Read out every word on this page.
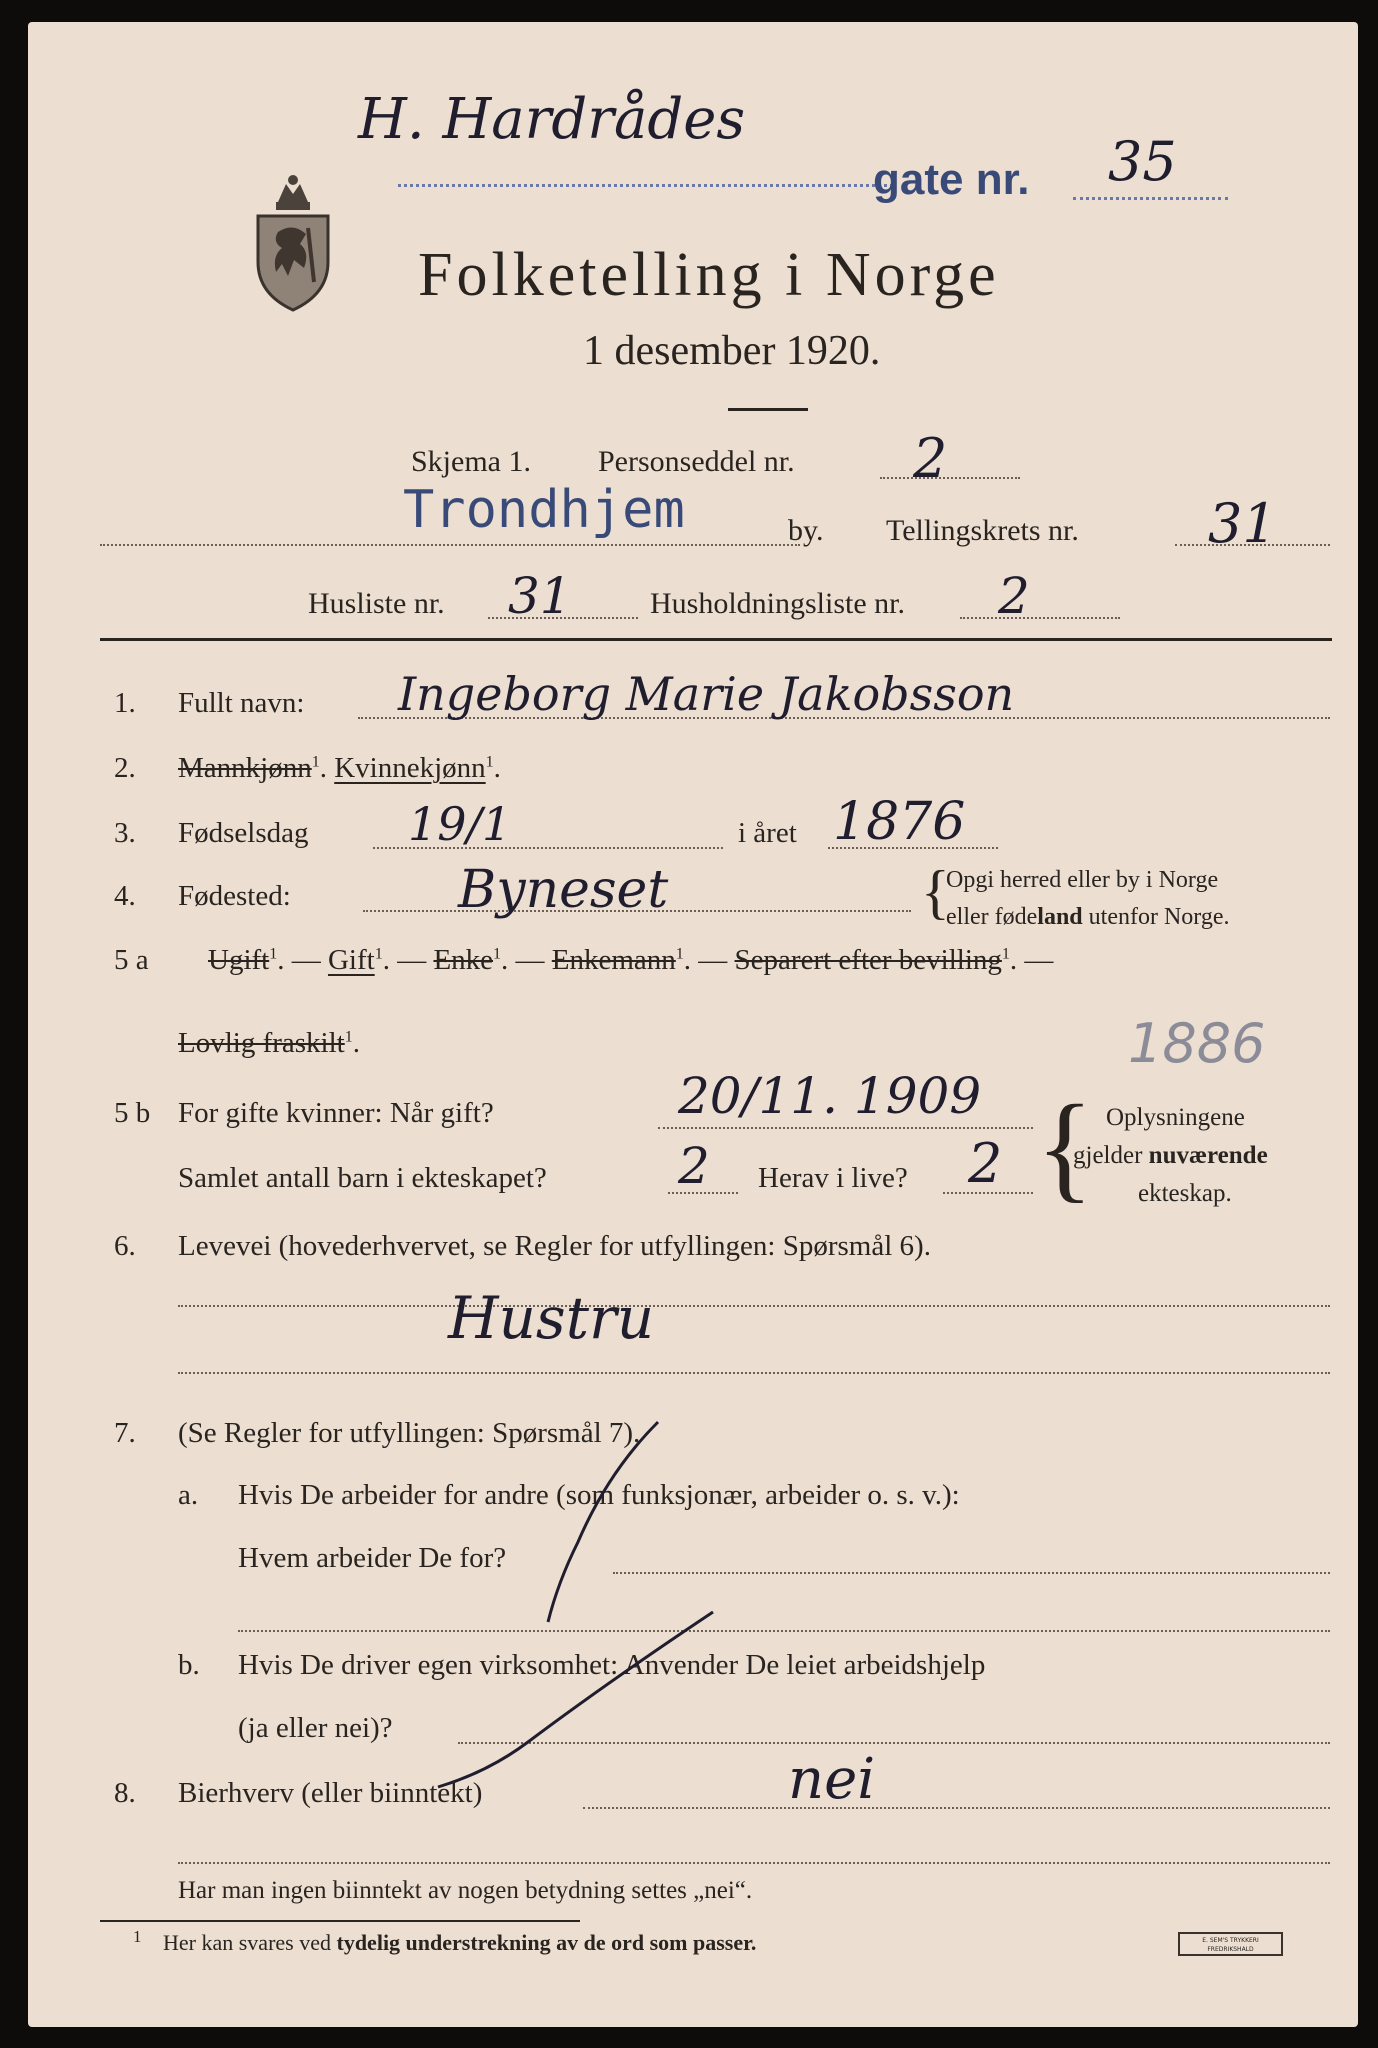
H. Hardrådes
gate nr. 35
Folketelling i Norge
1 desember 1920.
Skjema 1. Personseddel nr. 2
Trondhjem	by. Tellingskrets nr. 31
Husliste nr. 31	Husholdningsliste nr. 2
1. Fullt navn: Ingeborg Marie Jakobsson
2. Mannkjønn$^1$. Kvinnekjønn$^1$.
3. Fødselsdag 19/1	i året 1876
4. Fødested:	Byneset	{
Opgi herred eller by i Norge
eller fødeland utenfor Norge.
5 a Ugift$^1$. — Gift$^1$. — Enke$^1$. — Enkemann$^1$. — Separert efter bevilling$^1$. —
Lovlig fraskilt$^1$.	1886
5 b For gifte kvinner: Når gift?	20/11. 1909
Samlet antall barn i ekteskapet?	2 Herav i live? 2 { Oplysningene
gjelder nuværende
ekteskap.
6. Levevei (hovederhvervet, se Regler for utfyllingen: Spørsmål 6).
Hustru
7. (Se Regler for utfyllingen: Spørsmål 7).
a. Hvis De arbeider for andre (som funksjonær, arbeider o. s. v.):
Hvem arbeider De for?
b. Hvis De driver egen virksomhet: Anvender De leiet arbeidshjelp
(ja eller nei)?
8. Bierhverv (eller biinntekt)	nei
Har man ingen biinntekt av nogen betydning settes „nei“.
1 Her kan svares ved tydelig understrekning av de ord som passer.	E. SEM'S TRYKKERI
FREDRIKSHALD
